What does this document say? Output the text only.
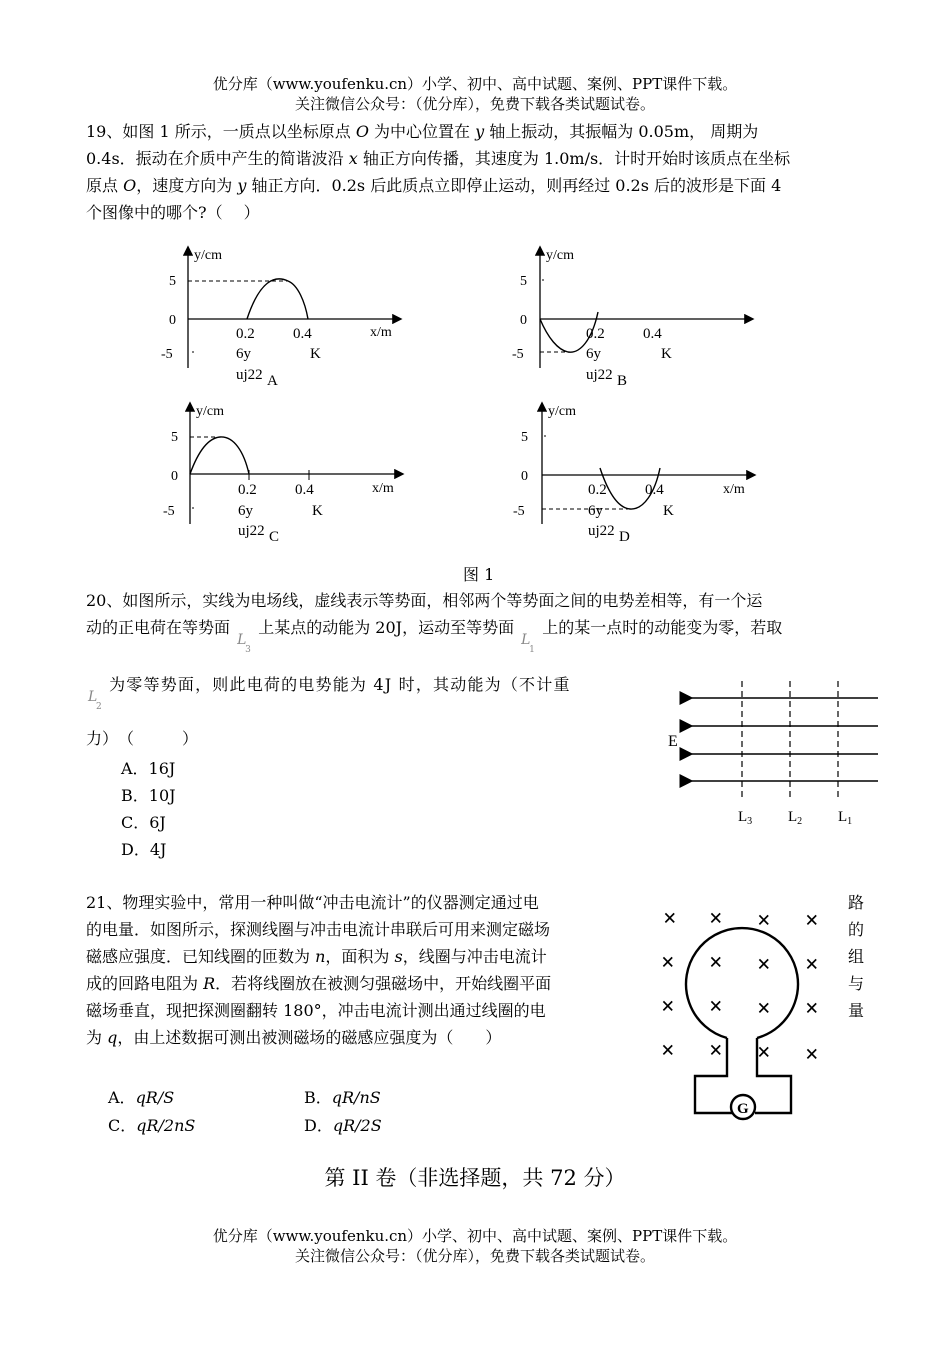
优分库（www.youfenku.cn）小学、初中、高中试题、案例、PPT课件下载。
关注微信公众号：（优分库），免费下载各类试题试卷。
19、如图 1 所示，一质点以坐标原点 O 为中心位置在 y 轴上振动，其振幅为 0.05m， 周期为
0.4s．振动在介质中产生的简谐波沿 x 轴正方向传播，其速度为 1.0m/s．计时开始时该质点在坐标
原点 O，速度方向为 y 轴正方向．0.2s 后此质点立即停止运动，则再经过 0.2s 后的波形是下面 4
个图像中的哪个?（　 ）
y/cm
x/m
5
0
-5
0.2	0.4
6y	K
uj22 A
y/cm
5
0
-5
0.2	0.4
6y	K
uj22 B
y/cm
x/m
5
0
-5
0.2	0.4
6y	K
uj22 C
y/cm
x/m
5
0
-5
0.2	0.4
6y	K
uj22 D
图 1
20、如图所示，实线为电场线，虚线表示等势面，相邻两个等势面之间的电势差相等，有一个运
动的正电荷在等势面
L
3
上某点的动能为 20J，运动至等势面
L
1
上的某一点时的动能变为零，若取
L
2
为零等势面，则此电荷的电势能为 4J 时，其动能为（不计重
力）　（　　　）
A．16J
B．10J
C．6J
D．4J
E
$L_3$ $L_2$ $L_1$
21、物理实验中，常用一种叫做“冲击电流计”的仪器测定通过电
的电量．如图所示，探测线圈与冲击电流计串联后可用来测定磁场
磁感应强度．已知线圈的匝数为 n，面积为 s，线圈与冲击电流计
成的回路电阻为 R．若将线圈放在被测匀强磁场中，开始线圈平面
磁场垂直，现把探测圈翻转 180°，冲击电流计测出通过线圈的电
为 q，由上述数据可测出被测磁场的磁感应强度为（　　）
路
的
组
与
量
A．qR/S	B．qR/nS
C．qR/2nS	D．qR/2S
× × × ×
× × × ×
× × × ×
× × × ×
G
第 II 卷（非选择题，共 72 分）
优分库（www.youfenku.cn）小学、初中、高中试题、案例、PPT课件下载。
关注微信公众号：（优分库），免费下载各类试题试卷。
